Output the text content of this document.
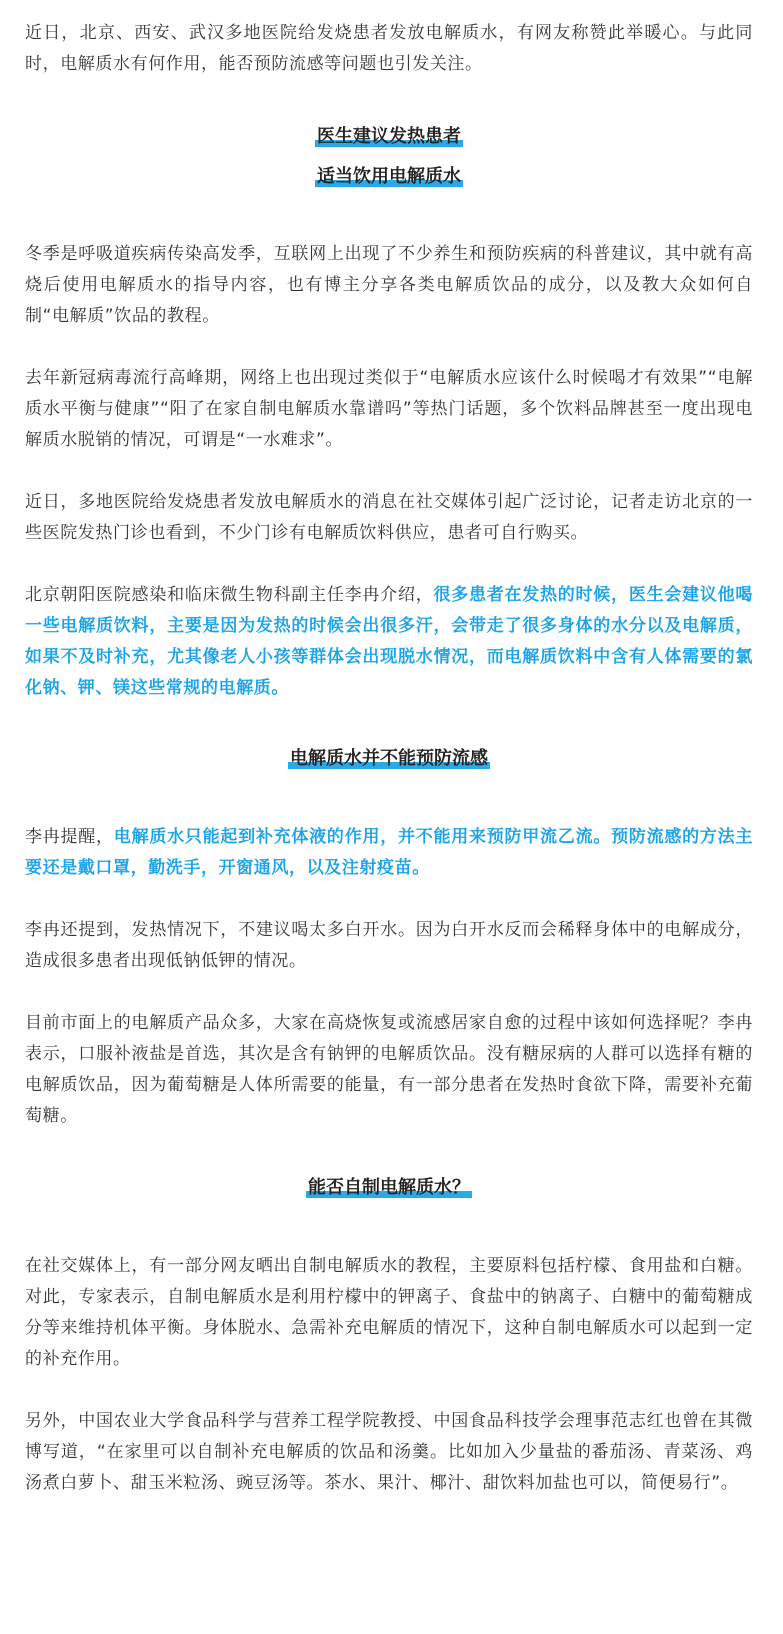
近日，北京、西安、武汉多地医院给发烧患者发放电解质水，有网友称赞此举暖心。与此同时，电解质水有何作用，能否预防流感等问题也引发关注。

医生建议发热患者
适当饮用电解质水

冬季是呼吸道疾病传染高发季，互联网上出现了不少养生和预防疾病的科普建议，其中就有高烧后使用电解质水的指导内容，也有博主分享各类电解质饮品的成分，以及教大众如何自制“电解质”饮品的教程。

去年新冠病毒流行高峰期，网络上也出现过类似于“电解质水应该什么时候喝才有效果”“电解质水平衡与健康”“阳了在家自制电解质水靠谱吗”等热门话题，多个饮料品牌甚至一度出现电解质水脱销的情况，可谓是“一水难求”。

近日，多地医院给发烧患者发放电解质水的消息在社交媒体引起广泛讨论，记者走访北京的一些医院发热门诊也看到，不少门诊有电解质饮料供应，患者可自行购买。

北京朝阳医院感染和临床微生物科副主任李冉介绍，很多患者在发热的时候，医生会建议他喝一些电解质饮料，主要是因为发热的时候会出很多汗，会带走了很多身体的水分以及电解质，如果不及时补充，尤其像老人小孩等群体会出现脱水情况，而电解质饮料中含有人体需要的氯化钠、钾、镁这些常规的电解质。

电解质水并不能预防流感

李冉提醒，电解质水只能起到补充体液的作用，并不能用来预防甲流乙流。预防流感的方法主要还是戴口罩，勤洗手，开窗通风，以及注射疫苗。

李冉还提到，发热情况下，不建议喝太多白开水。因为白开水反而会稀释身体中的电解成分，造成很多患者出现低钠低钾的情况。

目前市面上的电解质产品众多，大家在高烧恢复或流感居家自愈的过程中该如何选择呢？李冉表示，口服补液盐是首选，其次是含有钠钾的电解质饮品。没有糖尿病的人群可以选择有糖的电解质饮品，因为葡萄糖是人体所需要的能量，有一部分患者在发热时食欲下降，需要补充葡萄糖。

能否自制电解质水？

在社交媒体上，有一部分网友晒出自制电解质水的教程，主要原料包括柠檬、食用盐和白糖。对此，专家表示，自制电解质水是利用柠檬中的钾离子、食盐中的钠离子、白糖中的葡萄糖成分等来维持机体平衡。身体脱水、急需补充电解质的情况下，这种自制电解质水可以起到一定的补充作用。

另外，中国农业大学食品科学与营养工程学院教授、中国食品科技学会理事范志红也曾在其微博写道，“在家里可以自制补充电解质的饮品和汤羹。比如加入少量盐的番茄汤、青菜汤、鸡汤煮白萝卜、甜玉米粒汤、豌豆汤等。茶水、果汁、椰汁、甜饮料加盐也可以，简便易行”。
